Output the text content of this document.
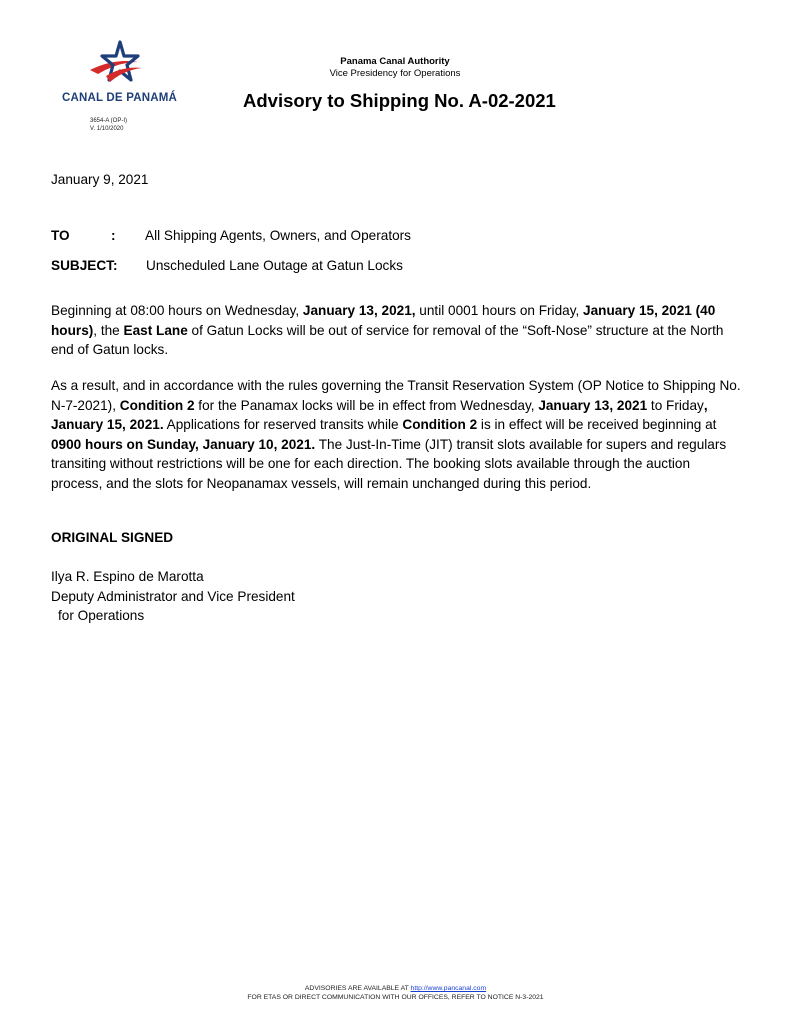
CANAL DE PANAMÁ
3654-A (OP-I)
V. 1/10/2020
Panama Canal Authority
Vice Presidency for Operations
Advisory to Shipping No. A-02-2021
January 9, 2021
TO	: All Shipping Agents, Owners, and Operators
SUBJECT: Unscheduled Lane Outage at Gatun Locks
Beginning at 08:00 hours on Wednesday, January 13, 2021, until 0001 hours on Friday, January 15, 2021 (40 hours), the East Lane of Gatun Locks will be out of service for removal of the “Soft-Nose” structure at the North end of Gatun locks.
As a result, and in accordance with the rules governing the Transit Reservation System (OP Notice to Shipping No. N-7-2021), Condition 2 for the Panamax locks will be in effect from Wednesday, January 13, 2021 to Friday, January 15, 2021. Applications for reserved transits while Condition 2 is in effect will be received beginning at 0900 hours on Sunday, January 10, 2021. The Just-In-Time (JIT) transit slots available for supers and regulars transiting without restrictions will be one for each direction. The booking slots available through the auction process, and the slots for Neopanamax vessels, will remain unchanged during this period.
ORIGINAL SIGNED
Ilya R. Espino de Marotta
Deputy Administrator and Vice President
for Operations
ADVISORIES ARE AVAILABLE AT http://www.pancanal.com
FOR ETAS OR DIRECT COMMUNICATION WITH OUR OFFICES, REFER TO NOTICE N-3-2021
